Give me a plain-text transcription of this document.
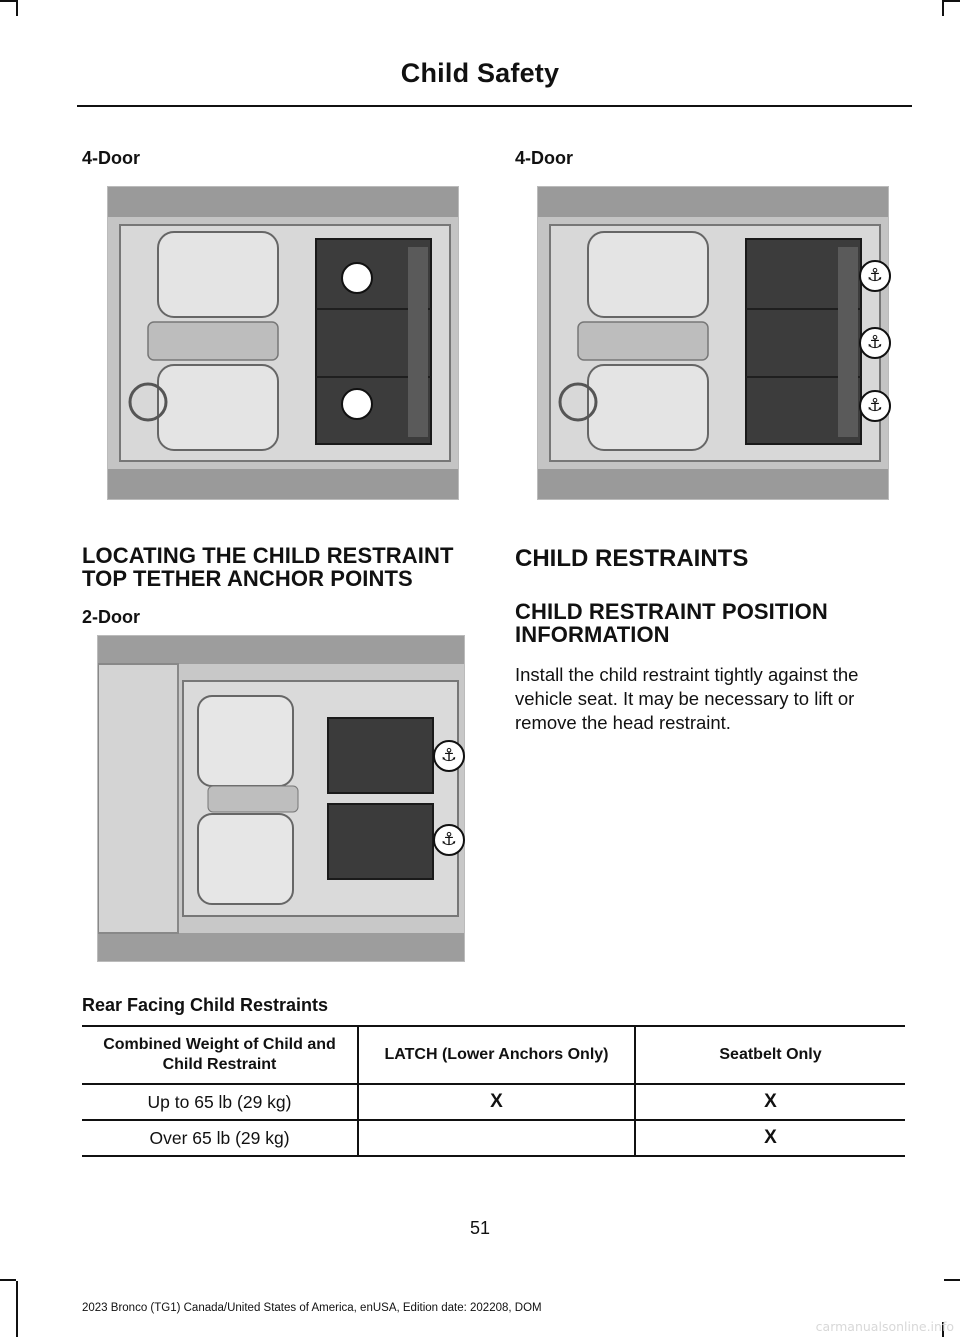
Child Safety
4-Door	4-Door
⚓
⚓
⚓
LOCATING THE CHILD RESTRAINT TOP TETHER ANCHOR POINTS
2-Door
⚓
⚓
CHILD RESTRAINTS
CHILD RESTRAINT POSITION INFORMATION
Install the child restraint tightly against the vehicle seat. It may be necessary to lift or remove the head restraint.
Rear Facing Child Restraints
Combined Weight of Child and Child Restraint	LATCH (Lower Anchors Only)	Seatbelt Only
Up to 65 lb (29 kg)	X	X
Over 65 lb (29 kg)		X
51
2023 Bronco (TG1) Canada/United States of America, enUSA, Edition date: 202208, DOM
carmanualsonline.info
